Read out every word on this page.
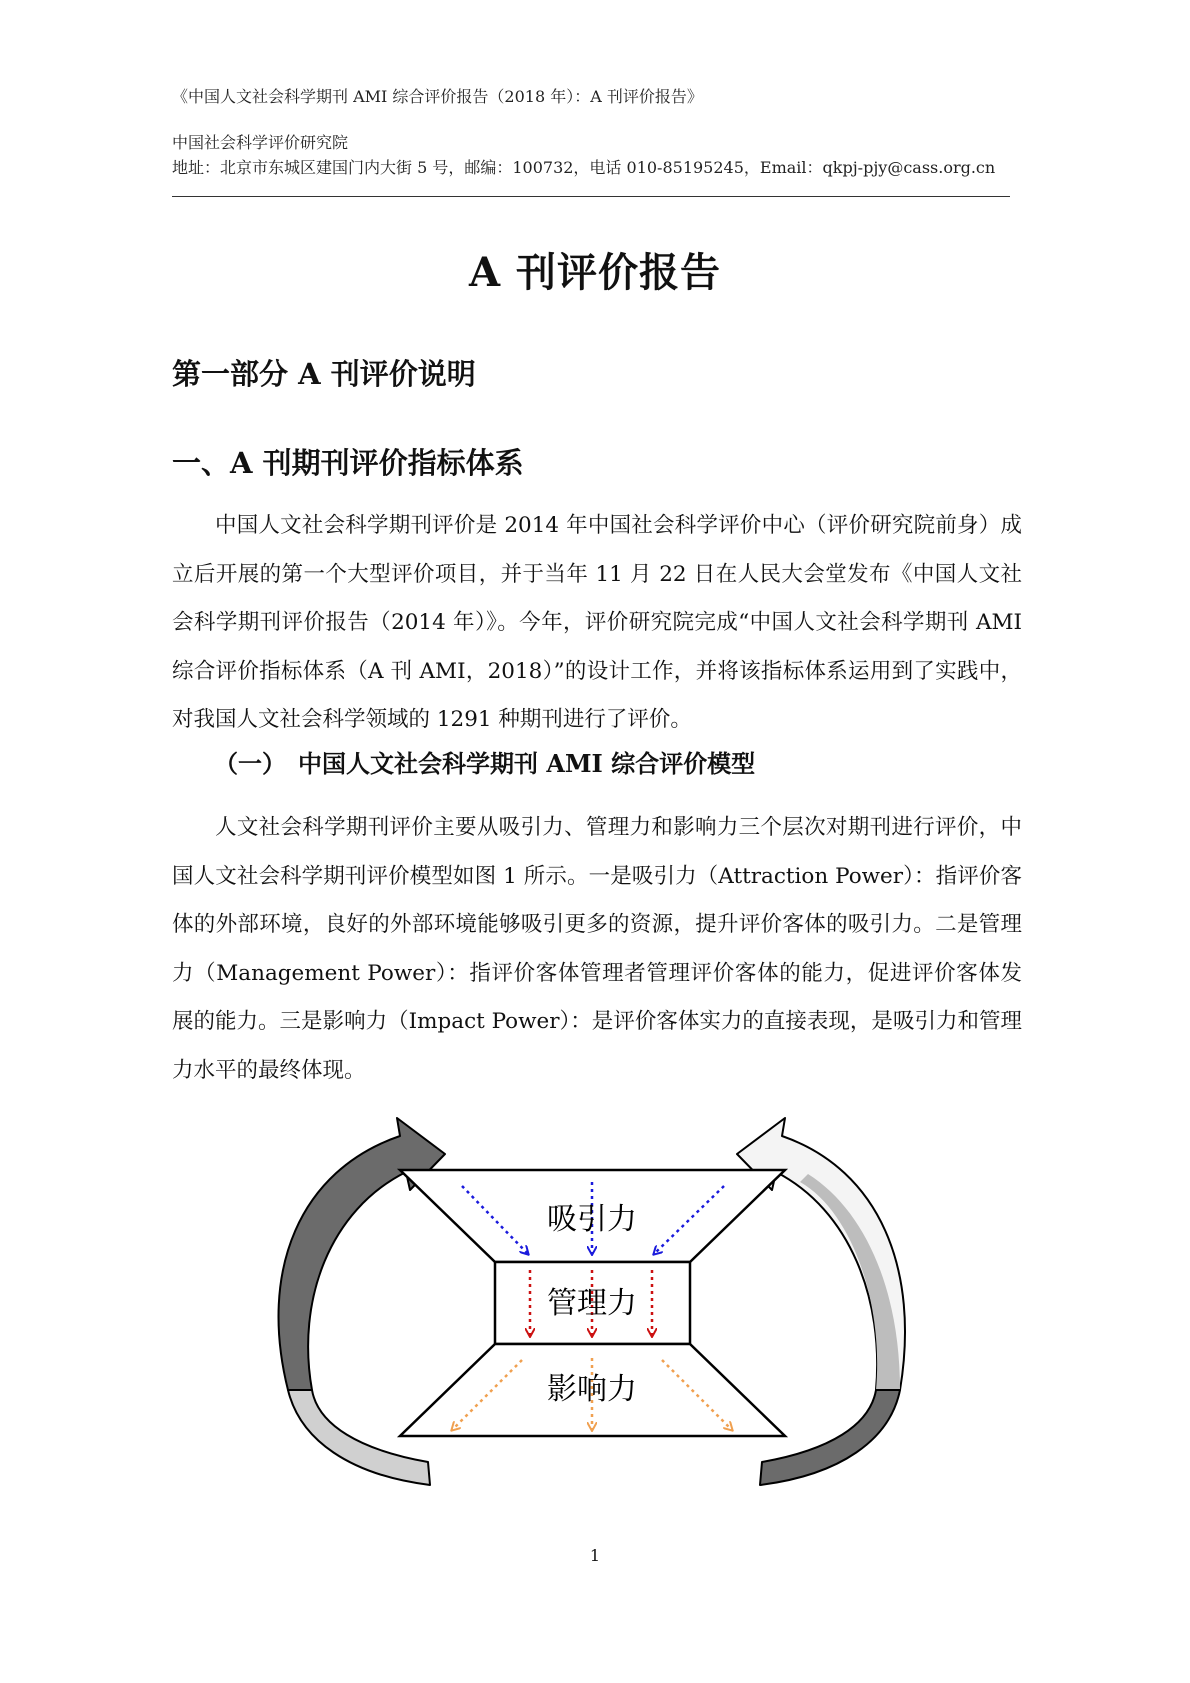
《中国人文社会科学期刊 AMI 综合评价报告（2018 年）：A 刊评价报告》
中国社会科学评价研究院
地址：北京市东城区建国门内大街 5 号，邮编：100732，电话 010-85195245，Email：qkpj-pjy@cass.org.cn
A 刊评价报告
第一部分 A 刊评价说明
一、A 刊期刊评价指标体系

中国人文社会科学期刊评价是 2014 年中国社会科学评价中心（评价研究院前身）成立后开展的第一个大型评价项目，并于当年 11 月 22 日在人民大会堂发布《中国人文社会科学期刊评价报告（2014 年）》。今年，评价研究院完成“中国人文社会科学期刊 AMI 综合评价指标体系（A 刊 AMI，2018）”的设计工作，并将该指标体系运用到了实践中，对我国人文社会科学领域的 1291 种期刊进行了评价。

（一） 中国人文社会科学期刊 AMI 综合评价模型

人文社会科学期刊评价主要从吸引力、管理力和影响力三个层次对期刊进行评价，中国人文社会科学期刊评价模型如图 1 所示。一是吸引力（Attraction Power）：指评价客体的外部环境，良好的外部环境能够吸引更多的资源，提升评价客体的吸引力。二是管理力（Management Power）：指评价客体管理者管理评价客体的能力，促进评价客体发展的能力。三是影响力（Impact Power）：是评价客体实力的直接表现，是吸引力和管理力水平的最终体现。

吸引力
管理力
影响力
1
